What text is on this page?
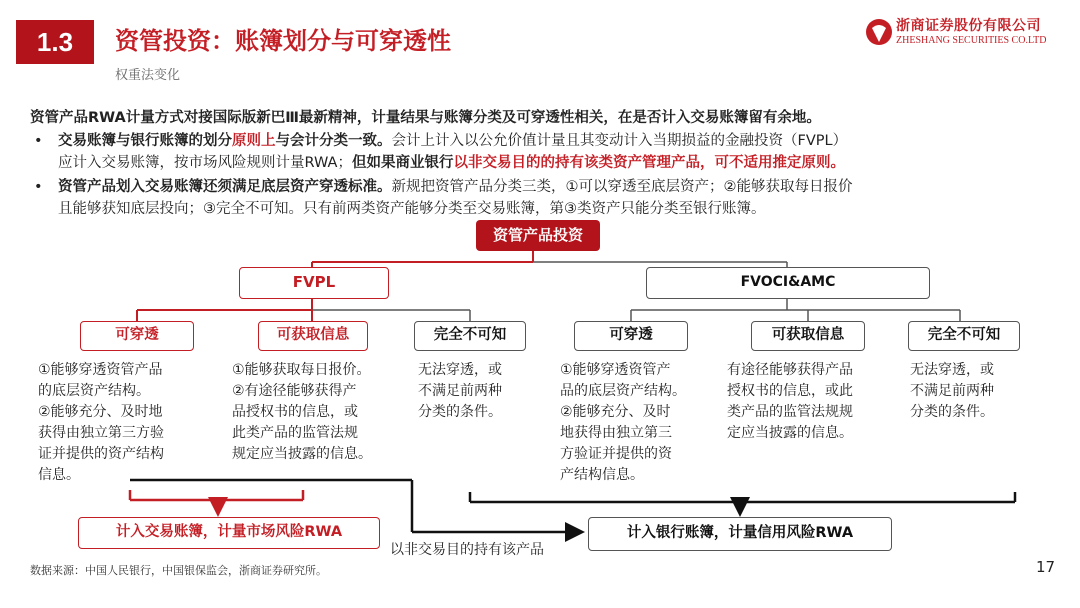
1.3	资管投资：账簿划分与可穿透性
权重法变化
浙商证券股份有限公司
ZHESHANG SECURITIES CO.LTD
资管产品RWA计量方式对接国际版新巴Ⅲ最新精神，计量结果与账簿分类及可穿透性相关，在是否计入交易账簿留有余地。
• 交易账簿与银行账簿的划分原则上与会计分类一致。会计上计入以公允价值计量且其变动计入当期损益的金融投资（FVPL）
应计入交易账簿，按市场风险规则计量RWA；但如果商业银行以非交易目的的持有该类资产管理产品，可不适用推定原则。
• 资管产品划入交易账簿还须满足底层资产穿透标准。新规把资管产品分类三类，①可以穿透至底层资产；②能够获取每日报价
且能够获知底层投向；③完全不可知。只有前两类资产能够分类至交易账簿，第③类资产只能分类至银行账簿。
资管产品投资
FVPL	FVOCI&AMC
可穿透	可获取信息	完全不可知	可穿透	可获取信息	完全不可知
①能够穿透资管产品
的底层资产结构。
②能够充分、及时地
获得由独立第三方验
证并提供的资产结构
信息。
①能够获取每日报价。
②有途径能够获得产
品授权书的信息，或
此类产品的监管法规
规定应当披露的信息。
无法穿透，或
不满足前两种
分类的条件。
①能够穿透资管产
品的底层资产结构。
②能够充分、及时
地获得由独立第三
方验证并提供的资
产结构信息。
有途径能够获得产品
授权书的信息，或此
类产品的监管法规规
定应当披露的信息。
无法穿透，或
不满足前两种
分类的条件。
计入交易账簿，计量市场风险RWA	计入银行账簿，计量信用风险RWA
以非交易目的持有该产品
数据来源：中国人民银行，中国银保监会，浙商证券研究所。	17
